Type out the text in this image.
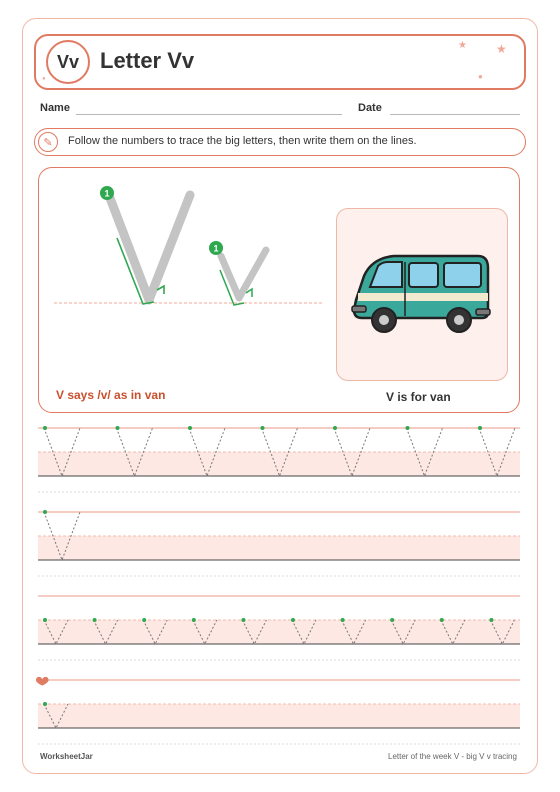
Vv Letter Vv
★ ★
●
●
Name	Date
✎	Follow the numbers to trace the big letters, then write them on the lines.
V says /v/ as in van	V is for van
1
1
WorksheetJar	Letter of the week V - big V v tracing
